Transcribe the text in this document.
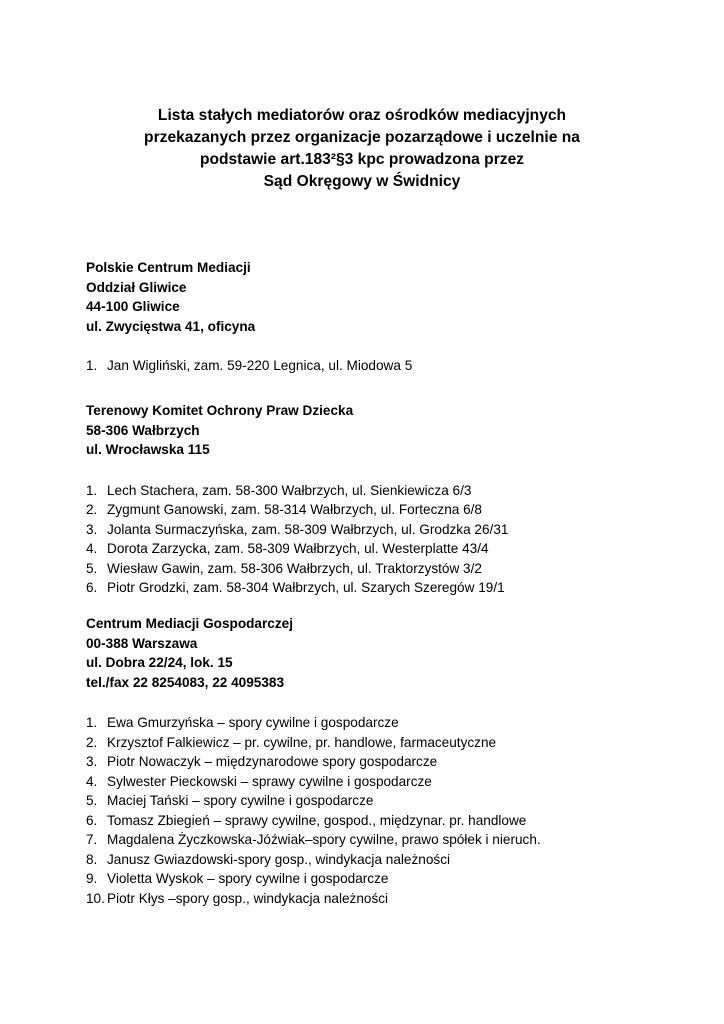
Lista stałych mediatorów oraz ośrodków mediacyjnych
przekazanych przez organizacje pozarządowe i uczelnie na
podstawie art.183²§3 kpc prowadzona przez
Sąd Okręgowy w Świdnicy
Polskie Centrum Mediacji
Oddział Gliwice
44-100 Gliwice
ul. Zwycięstwa 41, oficyna
1. Jan Wigliński, zam. 59-220 Legnica, ul. Miodowa 5
Terenowy Komitet Ochrony Praw Dziecka
58-306 Wałbrzych
ul. Wrocławska 115
1. Lech Stachera, zam. 58-300 Wałbrzych, ul. Sienkiewicza 6/3
2. Zygmunt Ganowski, zam. 58-314 Wałbrzych, ul. Forteczna 6/8
3. Jolanta Surmaczyńska, zam. 58-309 Wałbrzych, ul. Grodzka 26/31
4. Dorota Zarzycka, zam. 58-309 Wałbrzych, ul. Westerplatte 43/4
5. Wiesław Gawin, zam. 58-306 Wałbrzych, ul. Traktorzystów 3/2
6. Piotr Grodzki, zam. 58-304 Wałbrzych, ul. Szarych Szeregów 19/1
Centrum Mediacji Gospodarczej
00-388 Warszawa
ul. Dobra 22/24, lok. 15
tel./fax 22 8254083, 22 4095383
1. Ewa Gmurzyńska – spory cywilne i gospodarcze
2. Krzysztof Falkiewicz – pr. cywilne, pr. handlowe, farmaceutyczne
3. Piotr Nowaczyk – międzynarodowe spory gospodarcze
4. Sylwester Pieckowski – sprawy cywilne i gospodarcze
5. Maciej Tański – spory cywilne i gospodarcze
6. Tomasz Zbiegień – sprawy cywilne, gospod., międzynar. pr. handlowe
7. Magdalena Życzkowska-Jóźwiak–spory cywilne, prawo spółek i nieruch.
8. Janusz Gwiazdowski-spory gosp., windykacja należności
9. Violetta Wyskok – spory cywilne i gospodarcze
10. Piotr Kłys –spory gosp., windykacja należności
